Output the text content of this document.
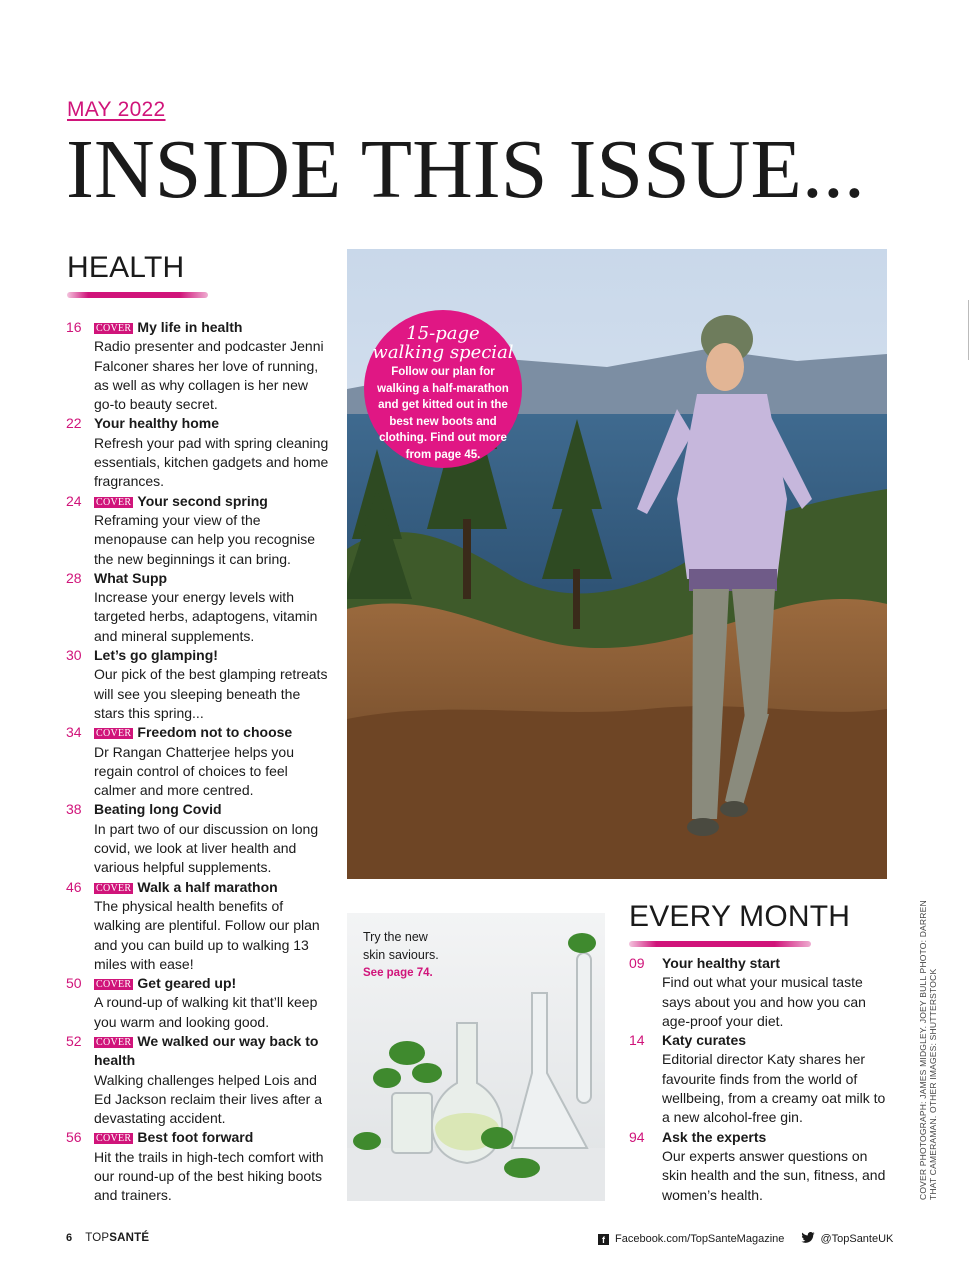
MAY 2022
INSIDE THIS ISSUE...
HEALTH
16 COVER My life in health
Radio presenter and podcaster Jenni Falconer shares her love of running, as well as why collagen is her new go-to beauty secret.
22 Your healthy home
Refresh your pad with spring cleaning essentials, kitchen gadgets and home fragrances.
24 COVER Your second spring
Reframing your view of the menopause can help you recognise the new beginnings it can bring.
28 What Supp
Increase your energy levels with targeted herbs, adaptogens, vitamin and mineral supplements.
30 Let’s go glamping!
Our pick of the best glamping retreats will see you sleeping beneath the stars this spring...
34 COVER Freedom not to choose
Dr Rangan Chatterjee helps you regain control of choices to feel calmer and more centred.
38 Beating long Covid
In part two of our discussion on long covid, we look at liver health and various helpful supplements.
46 COVER Walk a half marathon
The physical health benefits of walking are plentiful. Follow our plan and you can build up to walking 13 miles with ease!
50 COVER Get geared up!
A round-up of walking kit that’ll keep you warm and looking good.
52 COVER We walked our way back to health
Walking challenges helped Lois and Ed Jackson reclaim their lives after a devastating accident.
56 COVER Best foot forward
Hit the trails in high-tech comfort with our round-up of the best hiking boots and trainers.
15-page
walking special
Follow our plan for walking a half-marathon and get kitted out in the best new boots and clothing. Find out more from page 45.
Try the new
skin saviours.
See page 74.
EVERY MONTH
09 Your healthy start
Find out what your musical taste says about you and how you can age-proof your diet.
14 Katy curates
Editorial director Katy shares her favourite finds from the world of wellbeing, from a creamy oat milk to a new alcohol-free gin.
94 Ask the experts
Our experts answer questions on skin health and the sun, fitness, and women’s health.	COVER PHOTOGRAPH: JAMES MIDGLEY. JOEY BULL PHOTO: DARREN THAT CAMERAMAN. OTHER IMAGES: SHUTTERSTOCK
6 TOPSANTÉ	f Facebook.com/TopSanteMagazine	@TopSanteUK
